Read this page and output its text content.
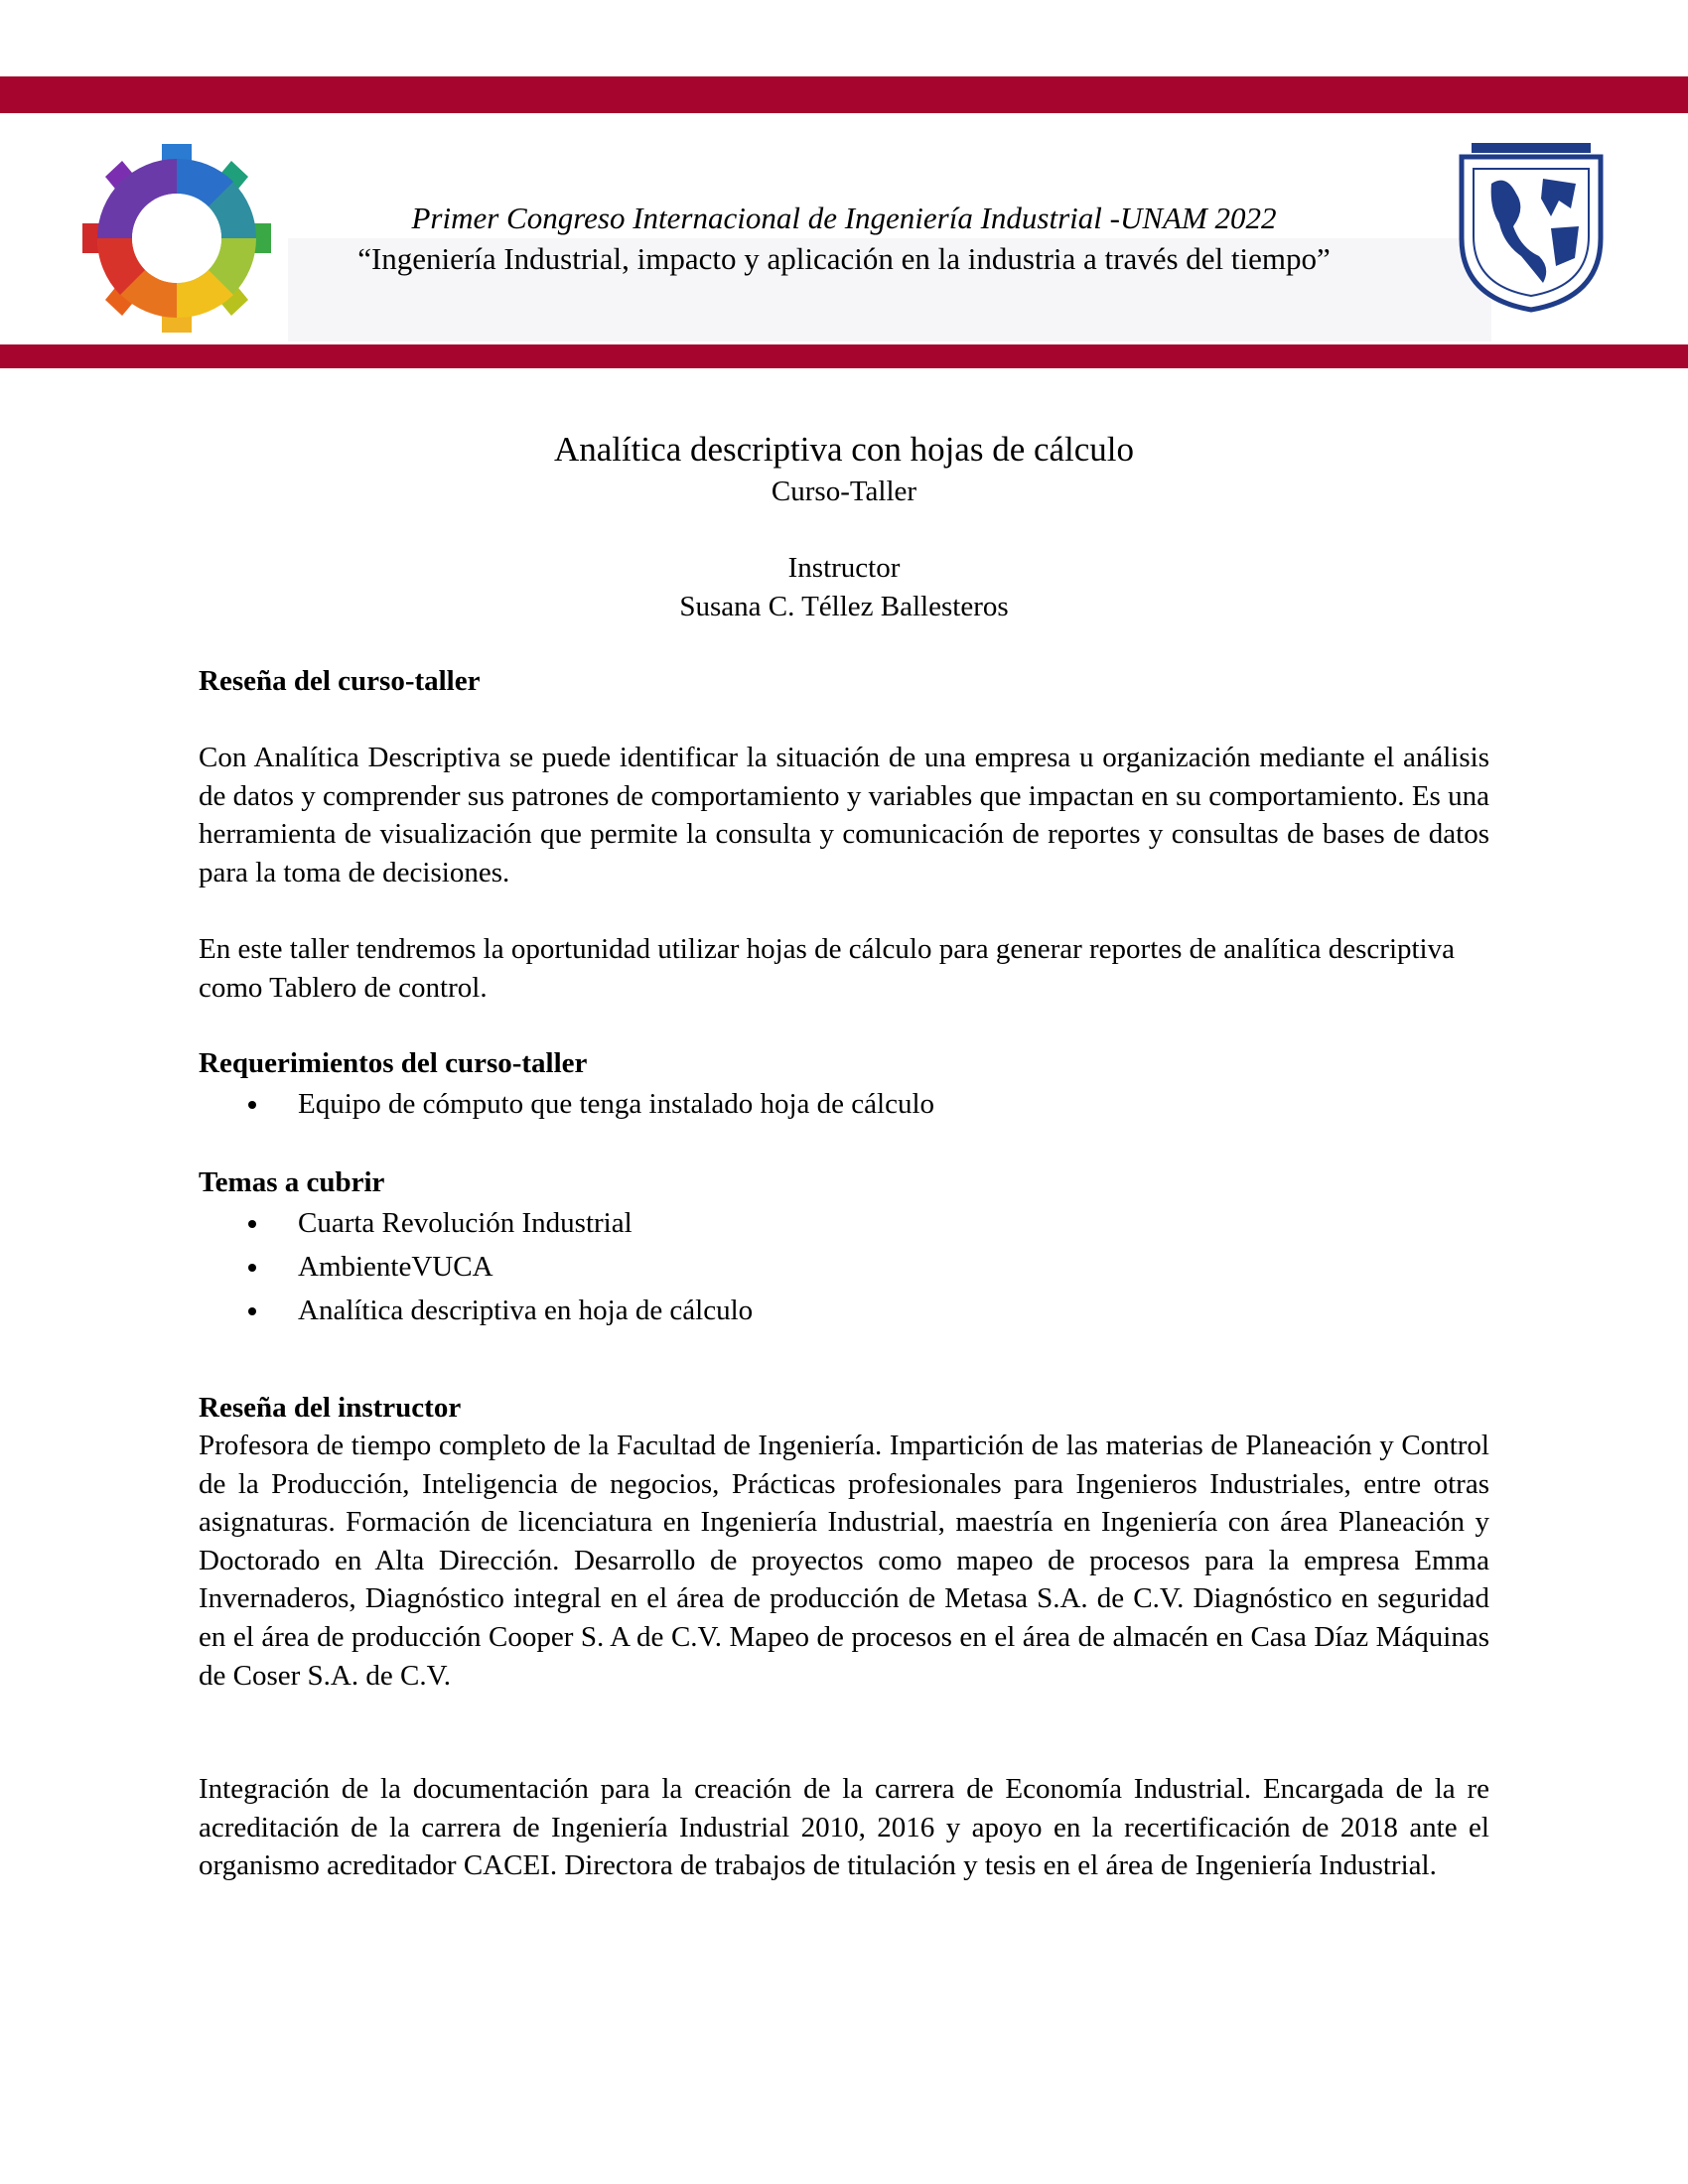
Primer Congreso Internacional de Ingeniería Industrial -UNAM 2022
“Ingeniería Industrial, impacto y aplicación en la industria a través del tiempo”
Analítica descriptiva con hojas de cálculo
Curso-Taller
Instructor
Susana C. Téllez Ballesteros
Reseña del curso-taller

Con Analítica Descriptiva se puede identificar la situación de una empresa u organización mediante el análisis de datos y comprender sus patrones de comportamiento y variables que impactan en su comportamiento. Es una herramienta de visualización que permite la consulta y comunicación de reportes y consultas de bases de datos para la toma de decisiones.

En este taller tendremos la oportunidad utilizar hojas de cálculo para generar reportes de analítica descriptiva como Tablero de control.

Requerimientos del curso-taller
Equipo de cómputo que tenga instalado hoja de cálculo
Temas a cubrir
Cuarta Revolución Industrial
AmbienteVUCA
Analítica descriptiva en hoja de cálculo
Reseña del instructor

Profesora de tiempo completo de la Facultad de Ingeniería. Impartición de las materias de Planeación y Control de la Producción, Inteligencia de negocios, Prácticas profesionales para Ingenieros Industriales, entre otras asignaturas. Formación de licenciatura en Ingeniería Industrial, maestría en Ingeniería con área Planeación y Doctorado en Alta Dirección. Desarrollo de proyectos como mapeo de procesos para la empresa Emma Invernaderos, Diagnóstico integral en el área de producción de Metasa S.A. de C.V. Diagnóstico en seguridad en el área de producción Cooper S. A de C.V. Mapeo de procesos en el área de almacén en Casa Díaz Máquinas de Coser S.A. de C.V.

Integración de la documentación para la creación de la carrera de Economía Industrial. Encargada de la re acreditación de la carrera de Ingeniería Industrial 2010, 2016 y apoyo en la recertificación de 2018 ante el organismo acreditador CACEI. Directora de trabajos de titulación y tesis en el área de Ingeniería Industrial.
